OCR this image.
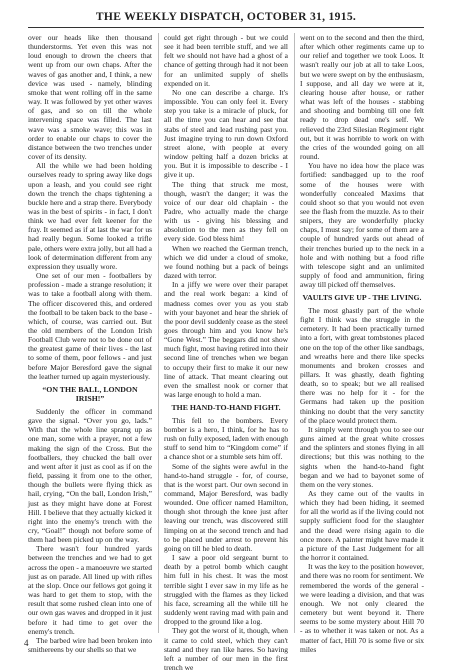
THE WEEKLY DISPATCH, OCTOBER 31, 1915.

over our heads like then thousand thunderstorms. Yet even this was not loud enough to drown the cheers that went up from our own chaps. After the waves of gas another and, I think, a new device was used - namely, blinding smoke that went rolling off in the same way. It was followed by yet other waves of gas, and so on till the whole intervening space was filled. The last wave was a smoke wave; this was in order to enable our chaps to cover the distance between the two trenches under cover of its density.

All the while we had been holding ourselves ready to spring away like dogs upon a leash, and you could see right down the trench the chaps tightening a buckle here and a strap there. Everybody was in the best of spirits - in fact, I don't think we had ever felt keener for the fray. It seemed as if at last the war for us had really begun. Some looked a trifle pale, others were extra jolly, but all had a look of determination different from any expression they usually wore.

One set of our men - footballers by profession - made a strange resolution; it was to take a football along with them. The officer discovered this, and ordered the football to be taken back to the base - which, of course, was carried out. But the old members of the London Irish Football Club were not to be done out of the greatest game of their lives - the last to some of them, poor fellows - and just before Major Beresford gave the signal the leather turned up again mysteriously.

“ON THE BALL, LONDON IRISH!”

Suddenly the officer in command gave the signal. “Over you go, lads.” With that the whole line sprang up as one man, some with a prayer, not a few making the sign of the Cross. But the footballers, they chucked the ball over and went after it just as cool as if on the field, passing it from one to the other, though the bullets were flying thick as hail, crying, “On the ball, London Irish,” just as they might have done at Forest Hill. I believe that they actually kicked it right into the enemy's trench with the cry, “Goal!” though not before some of them had been picked up on the way.

There wasn't four hundred yards between the trenches and we had to get across the open - a manoeuvre we started just as on parade. All lined up with rifles at the slop. Once our fellows got going it was hard to get them to stop, with the result that some rushed clean into one of our own gas waves and dropped in it just before it had time to get over the enemy's trench.

The barbed wire had been broken into smithereens by our shells so that we

could get right through - but we could see it had been terrible stuff, and we all felt we should not have had a ghost of a chance of getting through had it not been for an unlimited supply of shells expended on it.

No one can describe a charge. It's impossible. You can only feel it. Every step you take is a miracle of pluck, for all the time you can hear and see that stabs of steel and lead rushing past you. Just imagine trying to run down Oxford street alone, with people at every window pelting half a dozen bricks at you. But it is impossible to describe - I give it up.

The thing that struck me most, though, wasn't the danger; it was the voice of our dear old chaplain - the Padre, who actually made the charge with us - giving his blessing and absolution to the men as they fell on every side. God bless him!

When we reached the German trench, which we did under a cloud of smoke, we found nothing but a pack of beings dazed with terror.

In a jiffy we were over their parapet and the real work began: a kind of madness comes over you as you stab with your bayonet and hear the shriek of the poor devil suddenly cease as the steel goes through him and you know he's “Gone West.” The beggars did not show much fight, most having retired into their second line of trenches when we began to occupy their first to make it our new line of attack. That meant clearing out even the smallest nook or corner that was large enough to hold a man.

THE HAND-TO-HAND FIGHT.

This fell to the bombers. Every bomber is a hero, I think, for he has to rush on fully exposed, laden with enough stuff to send him to “Kingdom come” if a chance shot or a stumble sets him off.

Some of the sights were awful in the hand-to-hand struggle - for, of course, that is the worst part. Our own second in command, Major Beresford, was badly wounded. One officer named Hamilton, though shot through the knee just after leaving our trench, was discovered still limping on at the second trench and had to be placed under arrest to prevent his going on till he bled to death.

I saw a poor old sergeant burnt to death by a petrol bomb which caught him full in his chest. It was the most terrible sight I ever saw in my life as he struggled with the flames as they licked his face, screaming all the while till he suddenly went raving mad with pain and dropped to the ground like a log.

They got the worst of it, though, when it came to cold steel, which they can't stand and they ran like hares. So having left a number of our men in the first trench we

went on to the second and then the third, after which other regiments came up to our relief and together we took Loos. It wasn't really our job at all to take Loos, but we were swept on by the enthusiasm, I suppose, and all day we were at it, clearing house after house, or rather what was left of the houses - stabbing and shooting and bombing till one felt ready to drop dead one's self. We relieved the 23rd Silesian Regiment right out, but it was horrible to work on with the cries of the wounded going on all round.

You have no idea how the place was fortified: sandbagged up to the roof some of the houses were with wonderfully concealed Maxims that could shoot so that you would not even see the flash from the muzzle. As to their snipers, they are wonderfully plucky chaps, I must say; for some of them are a couple of hundred yards out ahead of their trenches buried up to the neck in a hole and with nothing but a food rifle with telescope sight and an unlimited supply of food and ammunition, firing away till picked off themselves.

VAULTS GIVE UP - THE LIVING.

The most ghastly part of the whole fight I think was the struggle in the cemetery. It had been practically turned into a fort, with great tombstones placed one on the top of the other like sandbags, and wreaths here and there like specks monuments and broken crosses and pillars. It was ghastly, death fighting death, so to speak; but we all realised there was no help for it - for the Germans had taken up the position thinking no doubt that the very sanctity of the place would protect them.

It simply went through you to see our guns aimed at the great white crosses and the splinters and stones flying in all directions; but this was nothing to the sights when the hand-to-hand fight began and we had to bayonet some of them on the very stones.

As they came out of the vaults in which they had been hiding, it seemed for all the world as if the living could not supply sufficient food for the slaughter and the dead were rising again to die once more. A painter might have made it a picture of the Last Judgement for all the horror it contained.

It was the key to the position however, and there was no room for sentiment. We remembered the words of the general - we were leading a division, and that was enough. We not only cleared the cemetery but went beyond it. There seems to be some mystery about Hill 70 - as to whether it was taken or not. As a matter of fact, Hill 70 is some five or six miles

4
